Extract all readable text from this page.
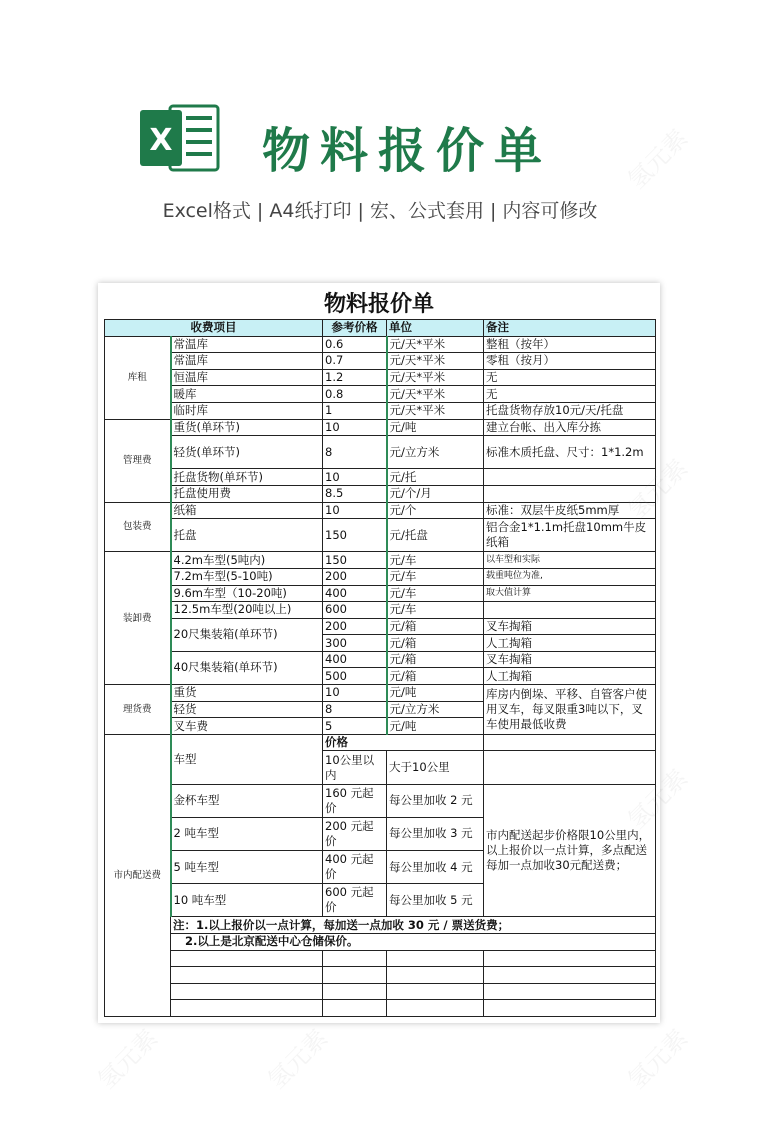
X 物料报价单
Excel格式 | A4纸打印 | 宏、公式套用 | 内容可修改
物料报价单
收费项目		参考价格	单位	备注
库租	常温库	0.6	元/天*平米	整租（按年）
	常温库	0.7	元/天*平米	零租（按月）
	恒温库	1.2	元/天*平米	无
	暖库	0.8	元/天*平米	无
	临时库	1	元/天*平米	托盘货物存放10元/天/托盘
管理费	重货(单环节)	10	元/吨	建立台帐、出入库分拣
	轻货(单环节)	8	元/立方米	标准木质托盘、尺寸：1*1.2m

	托盘货物(单环节)	10	元/托	
	托盘使用费	8.5	元/个/月	
包装费	纸箱	10	元/个	标准：双层牛皮纸5mm厚
	托盘	150	元/托盘	铝合金1*1.1m托盘10mm牛皮纸箱

装卸费	4.2m车型(5吨内)	150	元/车	以车型和实际
	7.2m车型(5-10吨)	200	元/车	载重吨位为准,
	9.6m车型（10-20吨)	400	元/车	取大值计算
	12.5m车型(20吨以上)	600	元/车	
	20尺集装箱(单环节)	200	元/箱	叉车掏箱
		300	元/箱	人工掏箱
	40尺集装箱(单环节)	400	元/箱	叉车掏箱
		500	元/箱	人工掏箱
理货费	重货	10	元/吨	库房内倒垛、平移、自管客户使用叉车，每叉限重3吨以下，叉车使用最低收费
	轻货	8	元/立方米	
	叉车费	5	元/吨	
市内配送费	车型	价格		
		10公里以内	大于10公里	

	金杯车型	160 元起价	每公里加收 2 元	市内配送起步价格限10公里内，以上报价以一点计算，多点配送每加一点加收30元配送费；

	2 吨车型	200 元起价	每公里加收 3 元	

	5 吨车型	400 元起价	每公里加收 4 元	

	10 吨车型	600 元起价	每公里加收 5 元	

	注：1.以上报价以一点计算，每加送一点加收 30 元 / 票送货费；			
	2.以上是北京配送中心仓储保价。			

氢元素
氢元素
氢元素	氢元素
